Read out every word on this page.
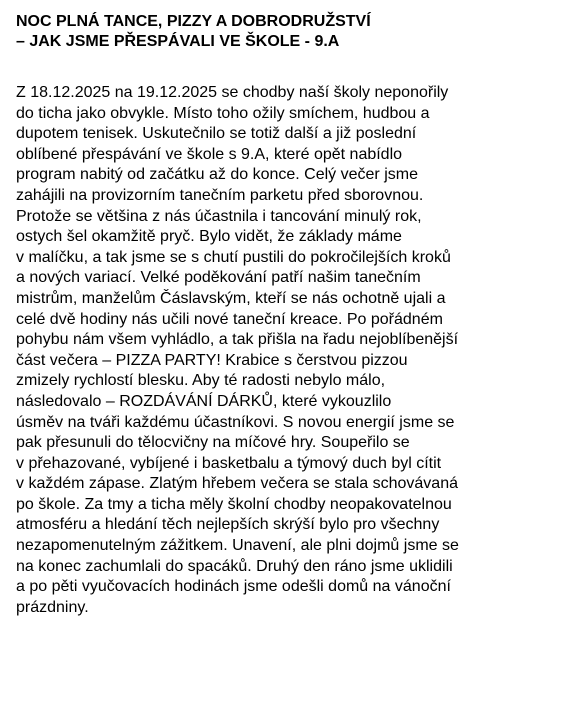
NOC PLNÁ TANCE, PIZZY A DOBRODRUŽSTVÍ
– JAK JSME PŘESPÁVALI VE ŠKOLE - 9.A
Z 18.12.2025 na 19.12.2025 se chodby naší školy neponořily
do ticha jako obvykle. Místo toho ožily smíchem, hudbou a
dupotem tenisek. Uskutečnilo se totiž další a již poslední
oblíbené přespávání ve škole s 9.A, které opět nabídlo
program nabitý od začátku až do konce. Celý večer jsme
zahájili na provizorním tanečním parketu před sborovnou.
Protože se většina z nás účastnila i tancování minulý rok,
ostych šel okamžitě pryč. Bylo vidět, že základy máme
v malíčku, a tak jsme se s chutí pustili do pokročilejších kroků
a nových variací. Velké poděkování patří našim tanečním
mistrům, manželům Čáslavským, kteří se nás ochotně ujali a
celé dvě hodiny nás učili nové taneční kreace. Po pořádném
pohybu nám všem vyhládlo, a tak přišla na řadu nejoblíbenější
část večera – PIZZA PARTY! Krabice s čerstvou pizzou
zmizely rychlostí blesku. Aby té radosti nebylo málo,
následovalo – ROZDÁVÁNÍ DÁRKŮ, které vykouzlilo
úsměv na tváři každému účastníkovi. S novou energií jsme se
pak přesunuli do tělocvičny na míčové hry. Soupeřilo se
v přehazované, vybíjené i basketbalu a týmový duch byl cítit
v každém zápase. Zlatým hřebem večera se stala schovávaná
po škole. Za tmy a ticha měly školní chodby neopakovatelnou
atmosféru a hledání těch nejlepších skrýší bylo pro všechny
nezapomenutelným zážitkem. Unavení, ale plni dojmů jsme se
na konec zachumlali do spacáků. Druhý den ráno jsme uklidili
a po pěti vyučovacích hodinách jsme odešli domů na vánoční
prázdniny.
